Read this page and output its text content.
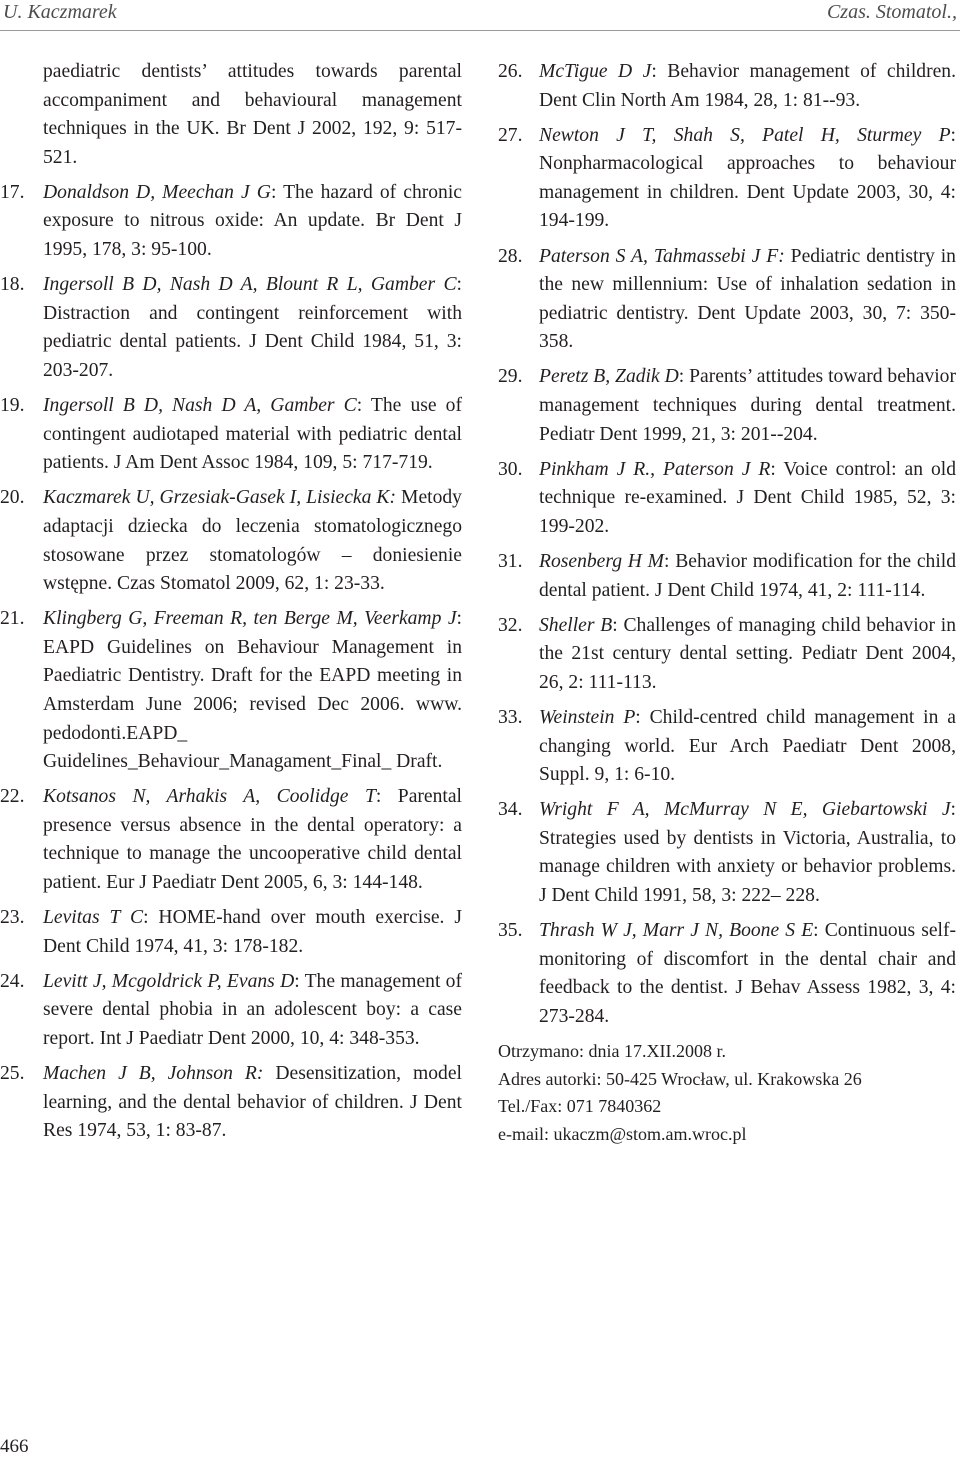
U. Kaczmarek	Czas. Stomatol.,
paediatric dentists’ attitudes towards parental accompaniment and behavioural management techniques in the UK. Br Dent J 2002, 192, 9: 517-521.
17. Donaldson D, Meechan J G: The hazard of chronic exposure to nitrous oxide: An update. Br Dent J 1995, 178, 3: 95-100.
18. Ingersoll B D, Nash D A, Blount R L, Gamber C: Distraction and contingent reinforcement with pediatric dental patients. J Dent Child 1984, 51, 3: 203-207.
19. Ingersoll B D, Nash D A, Gamber C: The use of contingent audiotaped material with pediatric dental patients. J Am Dent Assoc 1984, 109, 5: 717-719.
20. Kaczmarek U, Grzesiak-Gasek I, Lisiecka K: Metody adaptacji dziecka do leczenia stomatologicznego stosowane przez stomatologów – doniesienie wstępne. Czas Stomatol 2009, 62, 1: 23-33.
21. Klingberg G, Freeman R, ten Berge M, Veerkamp J: EAPD Guidelines on Behaviour Management in Paediatric Dentistry. Draft for the EAPD meeting in Amsterdam June 2006; revised Dec 2006. www. pedodonti.EAPD_ Guidelines_Behaviour_Managament_Final_ Draft.
22. Kotsanos N, Arhakis A, Coolidge T: Parental presence versus absence in the dental operatory: a technique to manage the uncooperative child dental patient. Eur J Paediatr Dent 2005, 6, 3: 144-148.
23. Levitas T C: HOME-hand over mouth exercise. J Dent Child 1974, 41, 3: 178-182.
24. Levitt J, Mcgoldrick P, Evans D: The management of severe dental phobia in an adolescent boy: a case report. Int J Paediatr Dent 2000, 10, 4: 348-353.
25. Machen J B, Johnson R: Desensitization, model learning, and the dental behavior of children. J Dent Res 1974, 53, 1: 83-87.
26. McTigue D J: Behavior management of children. Dent Clin North Am 1984, 28, 1: 81--93.
27. Newton J T, Shah S, Patel H, Sturmey P: Nonpharmacological approaches to behaviour management in children. Dent Update 2003, 30, 4: 194-199.
28. Paterson S A, Tahmassebi J F: Pediatric dentistry in the new millennium: Use of inhalation sedation in pediatric dentistry. Dent Update 2003, 30, 7: 350-358.
29. Peretz B, Zadik D: Parents’ attitudes toward behavior management techniques during dental treatment. Pediatr Dent 1999, 21, 3: 201--204.
30. Pinkham J R., Paterson J R: Voice control: an old technique re-examined. J Dent Child 1985, 52, 3: 199-202.
31. Rosenberg H M: Behavior modification for the child dental patient. J Dent Child 1974, 41, 2: 111-114.
32. Sheller B: Challenges of managing child behavior in the 21st century dental setting. Pediatr Dent 2004, 26, 2: 111-113.
33. Weinstein P: Child-centred child management in a changing world. Eur Arch Paediatr Dent 2008, Suppl. 9, 1: 6-10.
34. Wright F A, McMurray N E, Giebartowski J: Strategies used by dentists in Victoria, Australia, to manage children with anxiety or behavior problems. J Dent Child 1991, 58, 3: 222– 228.
35. Thrash W J, Marr J N, Boone S E: Continuous self-monitoring of discomfort in the dental chair and feedback to the dentist. J Behav Assess 1982, 3, 4: 273-284.
Otrzymano: dnia 17.XII.2008 r.
Adres autorki: 50-425 Wrocław, ul. Krakowska 26
Tel./Fax: 071 7840362
e-mail: ukaczm@stom.am.wroc.pl
466
